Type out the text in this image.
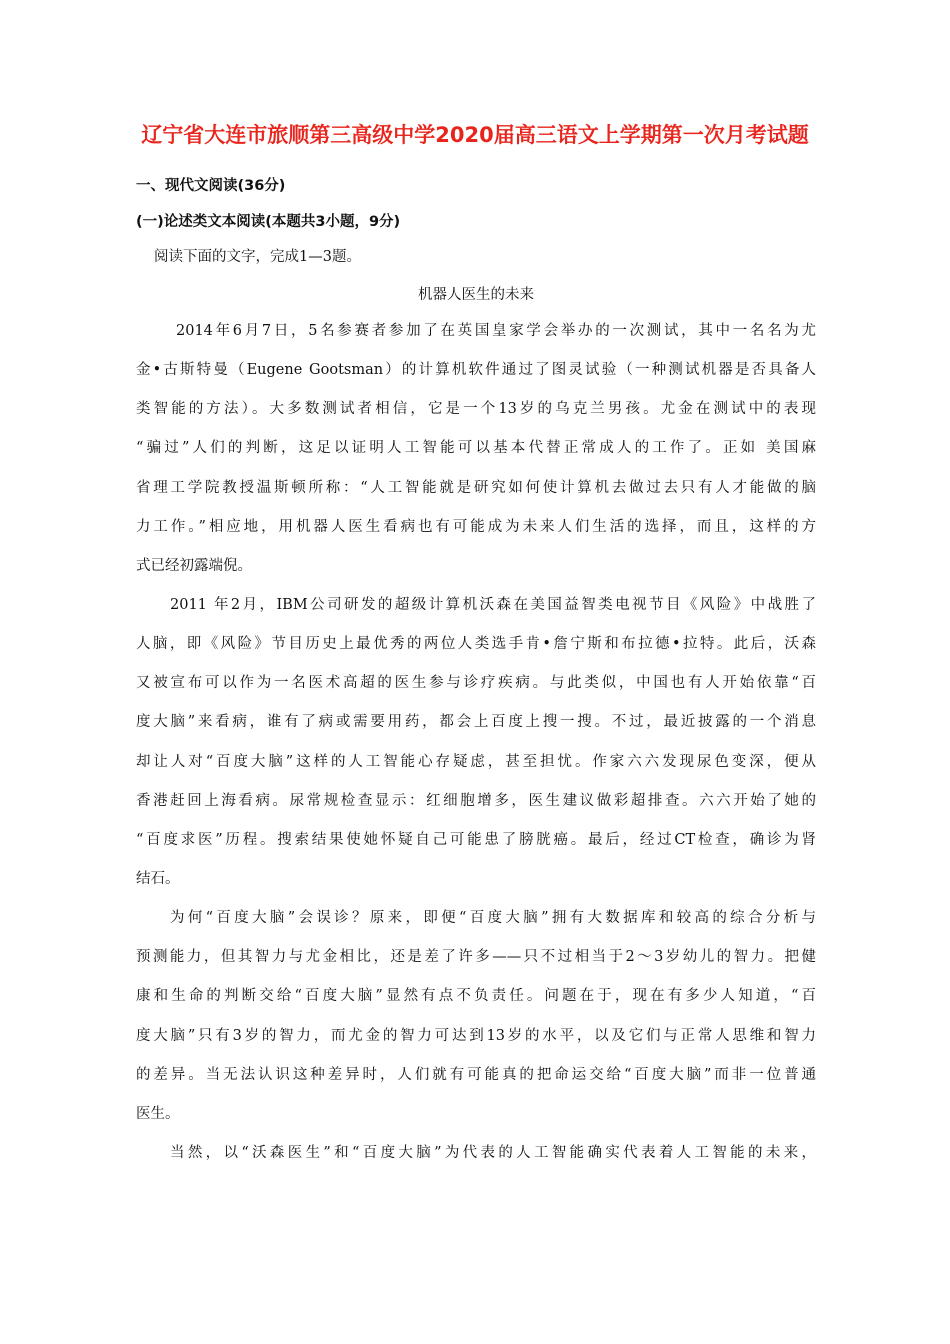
辽宁省大连市旅顺第三高级中学2020届高三语文上学期第一次月考试题
一、现代文阅读(36分)
(一)论述类文本阅读(本题共3小题，9分)
阅读下面的文字，完成1—3题。
机器人医生的未来
2014年6月7日，5名参赛者参加了在英国皇家学会举办的一次测试，其中一名名为尤
金•古斯特曼（Eugene Gootsman）的计算机软件通过了图灵试验（一种测试机器是否具备人
类智能的方法）。大多数测试者相信，它是一个13岁的乌克兰男孩。尤金在测试中的表现
“骗过”人们的判断，这足以证明人工智能可以基本代替正常成人的工作了。正如 美国麻
省理工学院教授温斯顿所称：“人工智能就是研究如何使计算机去做过去只有人才能做的脑
力工作。”相应地，用机器人医生看病也有可能成为未来人们生活的选择，而且，这样的方
式已经初露端倪。
2011 年2月，IBM公司研发的超级计算机沃森在美国益智类电视节目《风险》中战胜了
人脑，即《风险》节目历史上最优秀的两位人类选手肯•詹宁斯和布拉德•拉特。此后，沃森
又被宣布可以作为一名医术高超的医生参与诊疗疾病。与此类似，中国也有人开始依靠“百
度大脑”来看病，谁有了病或需要用药，都会上百度上搜一搜。不过，最近披露的一个消息
却让人对“百度大脑”这样的人工智能心存疑虑，甚至担忧。作家六六发现尿色变深，便从
香港赶回上海看病。尿常规检查显示：红细胞增多，医生建议做彩超排查。六六开始了她的
“百度求医”历程。搜索结果使她怀疑自己可能患了膀胱癌。最后，经过CT检查，确诊为肾
结石。
为何“百度大脑”会误诊？原来，即便“百度大脑”拥有大数据库和较高的综合分析与
预测能力，但其智力与尤金相比，还是差了许多——只不过相当于2～3岁幼儿的智力。把健
康和生命的判断交给“百度大脑”显然有点不负责任。问题在于，现在有多少人知道，“百
度大脑”只有3岁的智力，而尤金的智力可达到13岁的水平，以及它们与正常人思维和智力
的差异。当无法认识这种差异时，人们就有可能真的把命运交给“百度大脑”而非一位普通
医生。
当然，以“沃森医生”和“百度大脑”为代表的人工智能确实代表着人工智能的未来，
